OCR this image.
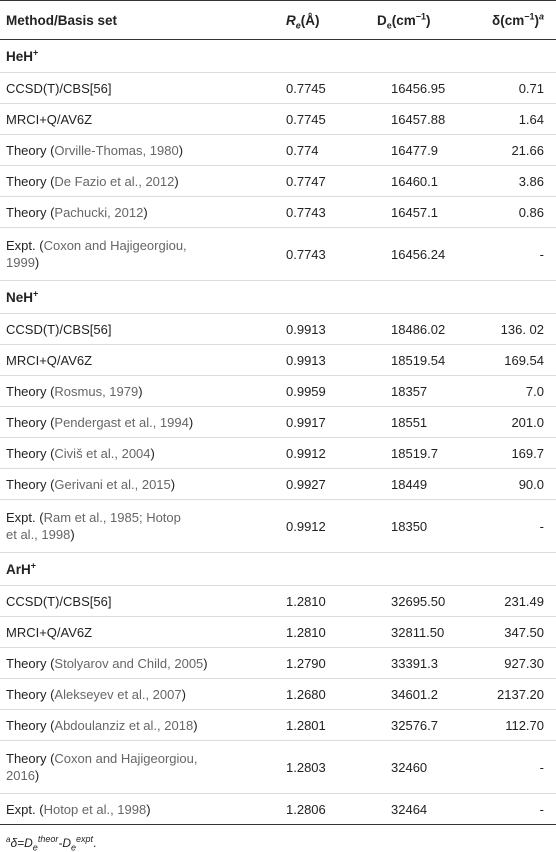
Method/Basis set	$R_e(Å)$	$D_e(cm^{-1})$	$\delta(cm^{-1})^a$
HeH+
CCSD(T)/CBS[56]	0.7745	16456.95	0.71
MRCI+Q/AV6Z	0.7745	16457.88	1.64
Theory (Orville-Thomas, 1980)	0.774	16477.9	21.66
Theory (De Fazio et al., 2012)	0.7747	16460.1	3.86
Theory (Pachucki, 2012)	0.7743	16457.1	0.86
Expt. (Coxon and Hajigeorgiou,
1999)	0.7743	16456.24	-
NeH+
CCSD(T)/CBS[56]	0.9913	18486.02	136. 02
MRCI+Q/AV6Z	0.9913	18519.54	169.54
Theory (Rosmus, 1979)	0.9959	18357	7.0
Theory (Pendergast et al., 1994)	0.9917	18551	201.0
Theory (Civiš et al., 2004)	0.9912	18519.7	169.7
Theory (Gerivani et al., 2015)	0.9927	18449	90.0
Expt. (Ram et al., 1985; Hotop
et al., 1998)	0.9912	18350	-
ArH+
CCSD(T)/CBS[56]	1.2810	32695.50	231.49
MRCI+Q/AV6Z	1.2810	32811.50	347.50
Theory (Stolyarov and Child, 2005)	1.2790	33391.3	927.30
Theory (Alekseyev et al., 2007)	1.2680	34601.2	2137.20
Theory (Abdoulanziz et al., 2018)	1.2801	32576.7	112.70
Theory (Coxon and Hajigeorgiou,
2016)	1.2803	32460	-
Expt. (Hotop et al., 1998)	1.2806	32464	-
$^a\delta=D_e^{theor}-D_e^{expt}$.
